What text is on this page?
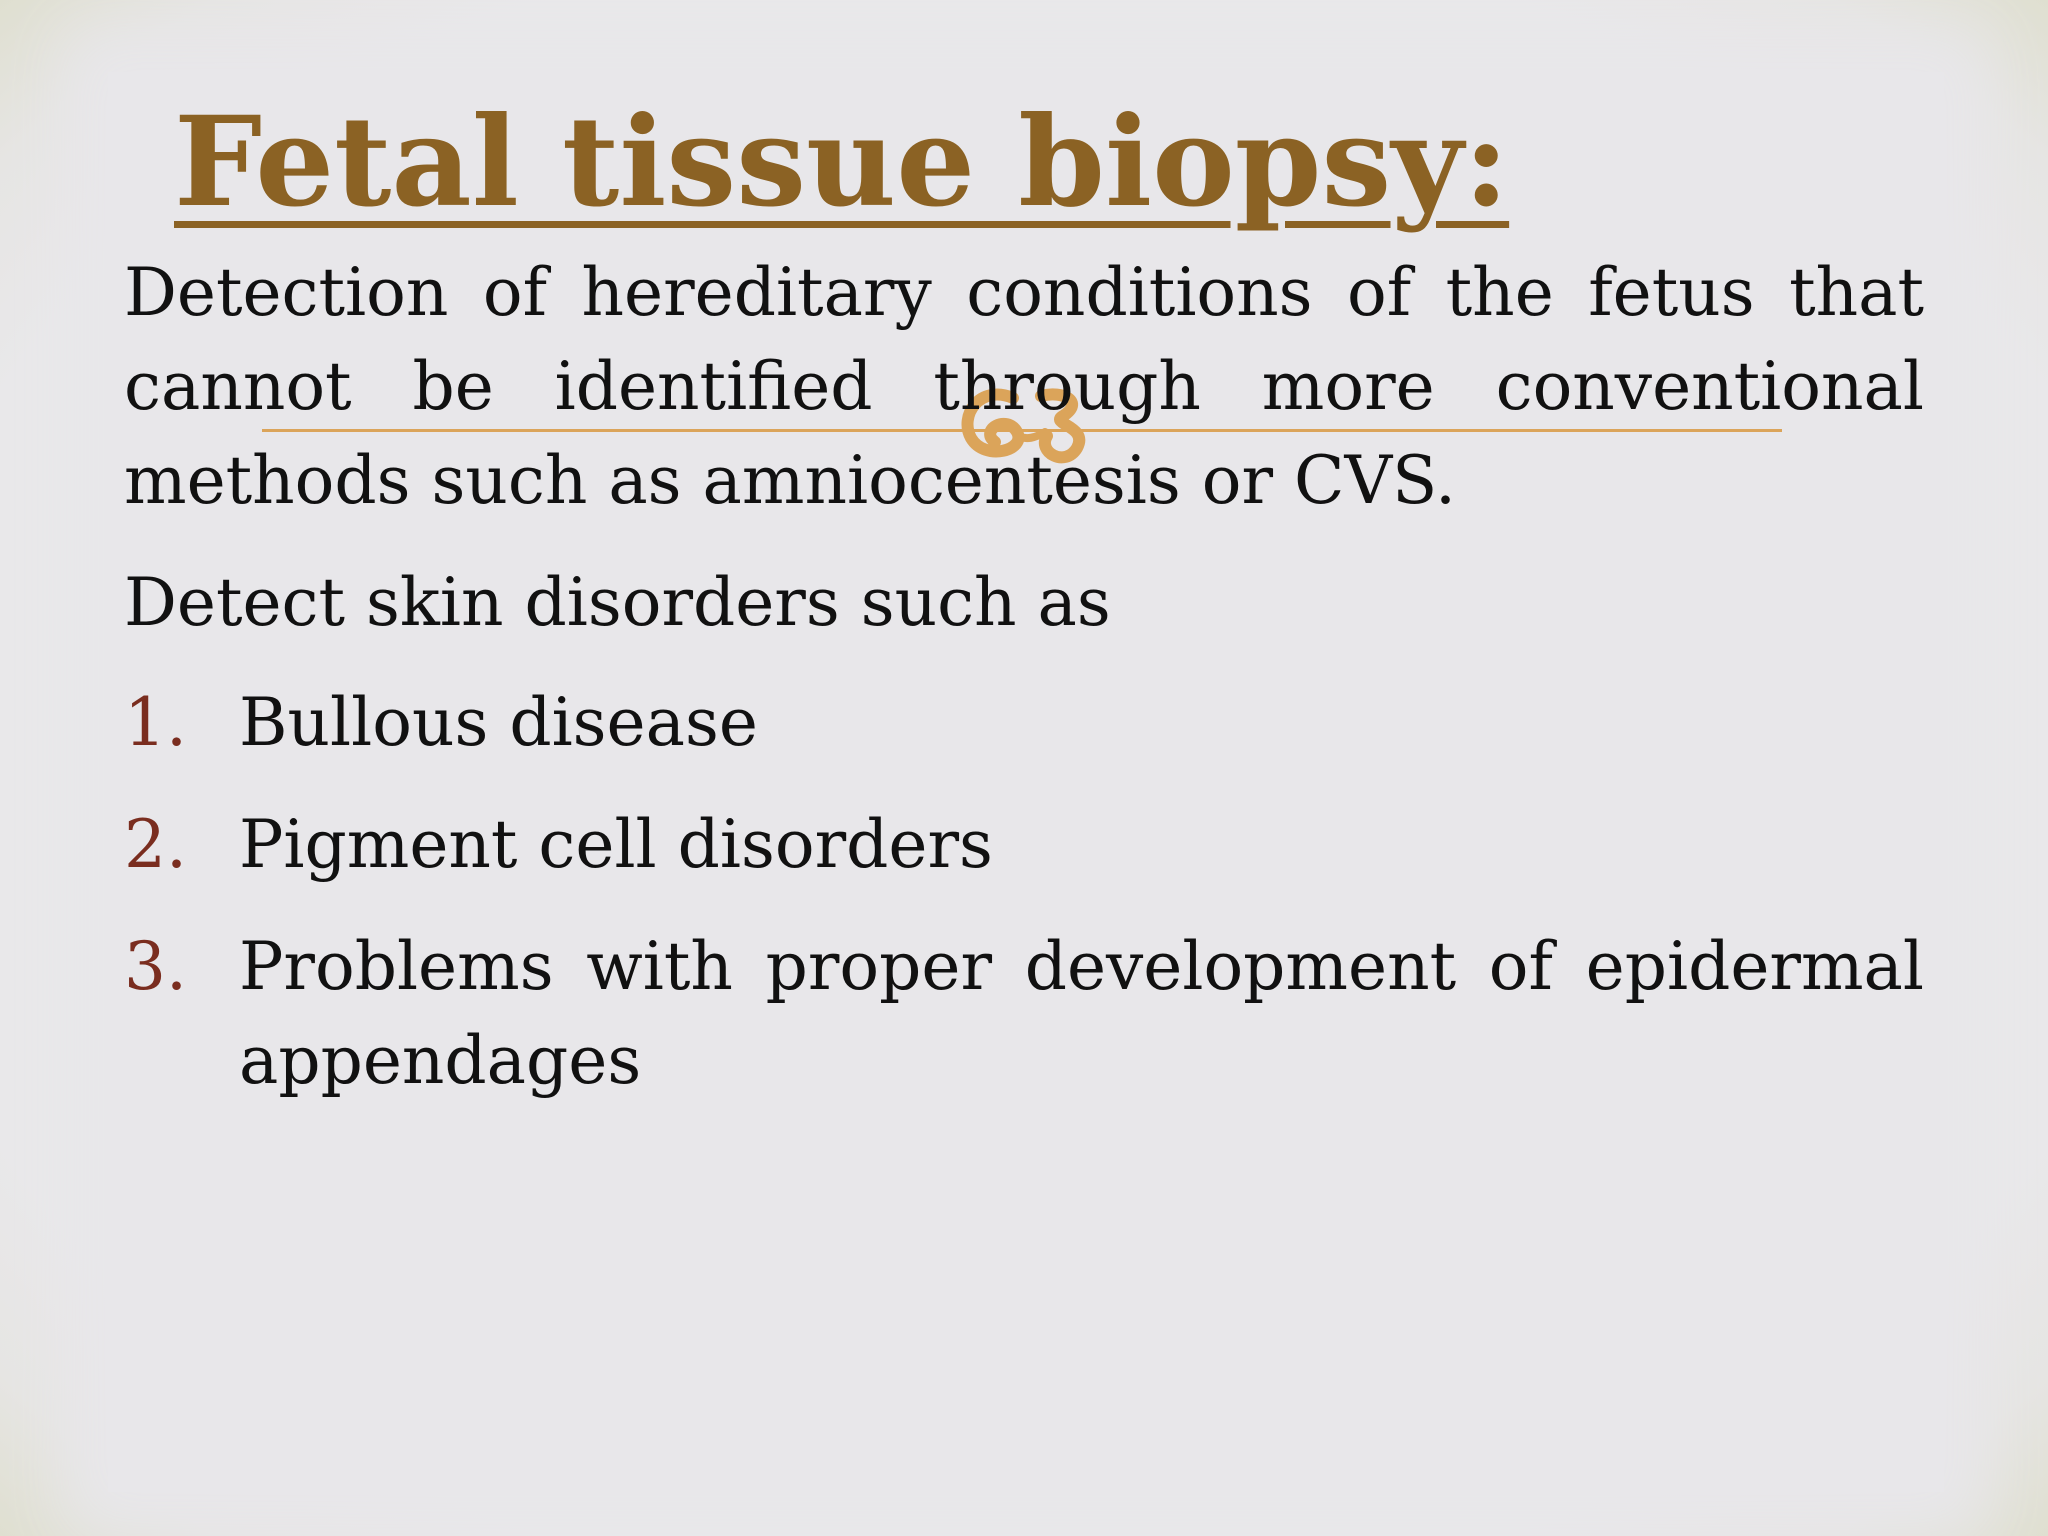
Fetal tissue biopsy:

Detection of hereditary conditions of the fetus that cannot be identified through more conventional methods such as amniocentesis or CVS.

Detect skin disorders such as

1. Bullous disease
2. Pigment cell disorders
3. Problems with proper development of epidermal appendages
